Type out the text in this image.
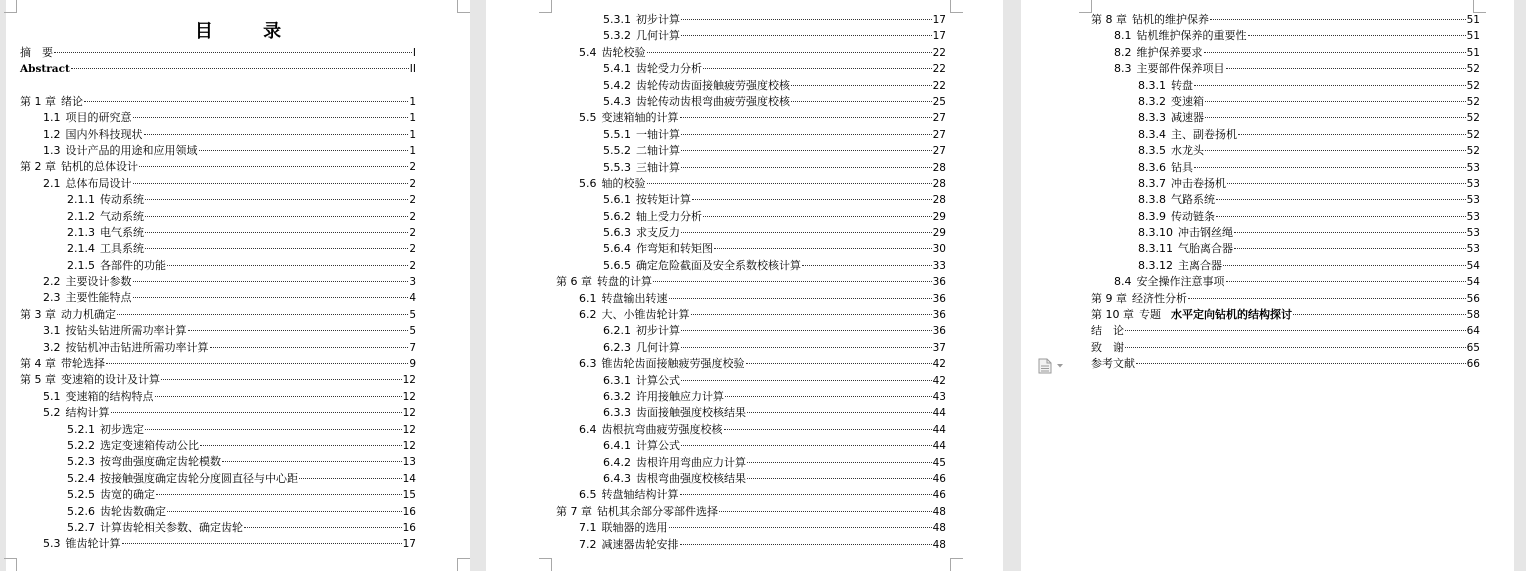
目 录
摘　要	I
Abstract	II
第 1 章 绪论	1
1.1 项目的研究意	1
1.2 国内外科技现状	1
1.3 设计产品的用途和应用领域	1
第 2 章 钻机的总体设计	2
2.1 总体布局设计	2
2.1.1 传动系统	2
2.1.2 气动系统	2
2.1.3 电气系统	2
2.1.4 工具系统	2
2.1.5 各部件的功能	2
2.2 主要设计参数	3
2.3 主要性能特点	4
第 3 章 动力机确定	5
3.1 按钻头钻进所需功率计算	5
3.2 按钻机冲击钻进所需功率计算	7
第 4 章 带轮选择	9
第 5 章 变速箱的设计及计算	12
5.1 变速箱的结构特点	12
5.2 结构计算	12
5.2.1 初步选定	12
5.2.2 选定变速箱传动公比	12
5.2.3 按弯曲强度确定齿轮模数	13
5.2.4 按接触强度确定齿轮分度圆直径与中心距	14
5.2.5 齿宽的确定	15
5.2.6 齿轮齿数确定	16
5.2.7 计算齿轮相关参数、确定齿轮	16
5.3 锥齿轮计算	17
5.3.1 初步计算	17
5.3.2 几何计算	17
5.4 齿轮校验	22
5.4.1 齿轮受力分析	22
5.4.2 齿轮传动齿面接触疲劳强度校核	22
5.4.3 齿轮传动齿根弯曲疲劳强度校核	25
5.5 变速箱轴的计算	27
5.5.1 一轴计算	27
5.5.2 二轴计算	27
5.5.3 三轴计算	28
5.6 轴的校验	28
5.6.1 按转矩计算	28
5.6.2 轴上受力分析	29
5.6.3 求支反力	29
5.6.4 作弯矩和转矩图	30
5.6.5 确定危险截面及安全系数校核计算	33
第 6 章 转盘的计算	36
6.1 转盘输出转速	36
6.2 大、小锥齿轮计算	36
6.2.1 初步计算	36
6.2.3 几何计算	37
6.3 锥齿轮齿面接触疲劳强度校验	42
6.3.1 计算公式	42
6.3.2 许用接触应力计算	43
6.3.3 齿面接触强度校核结果	44
6.4 齿根抗弯曲疲劳强度校核	44
6.4.1 计算公式	44
6.4.2 齿根许用弯曲应力计算	45
6.4.3 齿根弯曲强度校核结果	46
6.5 转盘轴结构计算	46
第 7 章 钻机其余部分零部件选择	48
7.1 联轴器的选用	48
7.2 减速器齿轮安排	48
第 8 章 钻机的维护保养	51
8.1 钻机维护保养的重要性	51
8.2 维护保养要求	51
8.3 主要部件保养项目	52
8.3.1 转盘	52
8.3.2 变速箱	52
8.3.3 减速器	52
8.3.4 主、副卷扬机	52
8.3.5 水龙头	52
8.3.6 钻具	53
8.3.7 冲击卷扬机	53
8.3.8 气路系统	53
8.3.9 传动链条	53
8.3.10 冲击钢丝绳	53
8.3.11 气胎离合器	53
8.3.12 主离合器	54
8.4 安全操作注意事项	54
第 9 章 经济性分析	56
第 10 章 专题 水平定向钻机的结构探讨	58
结　论	64
致　谢	65
参考文献	66
